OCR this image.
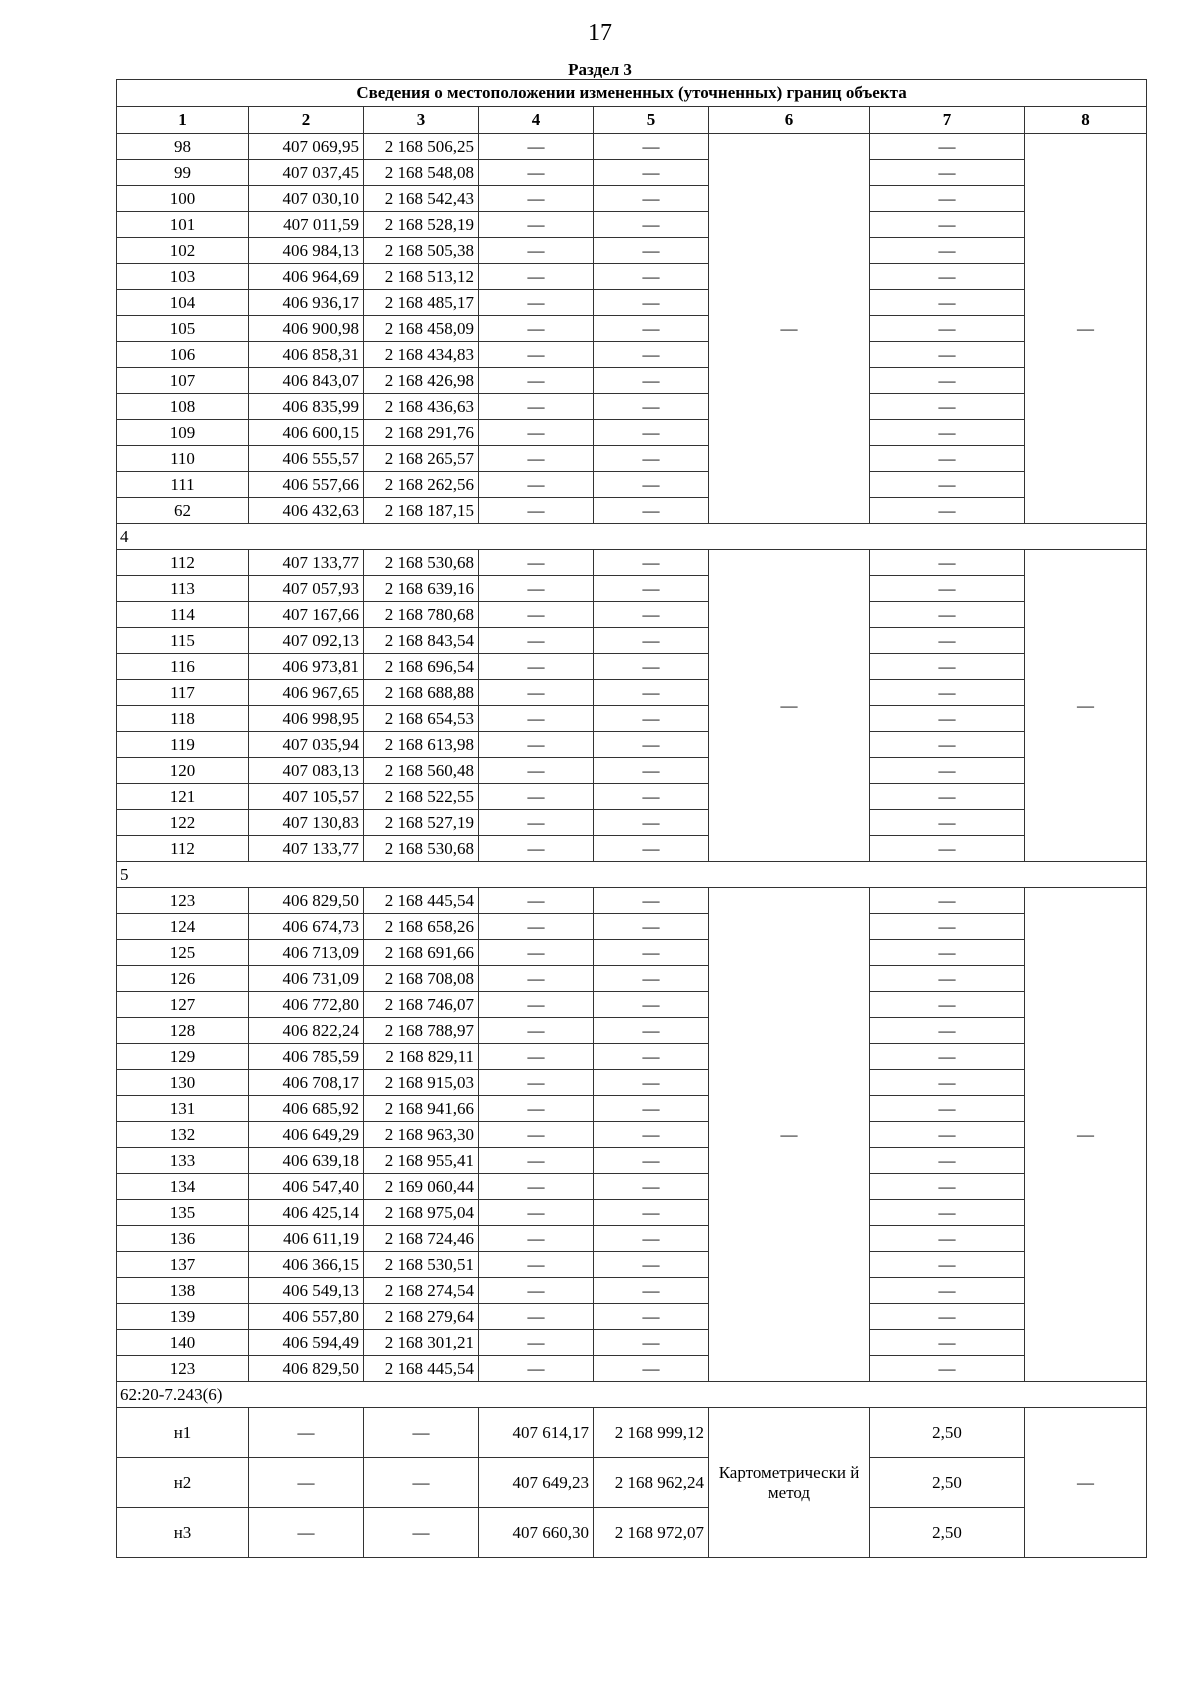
17
Раздел 3
Сведения о местоположении измененных (уточненных) границ объекта							
1	2	3	4	5	6	7	8
98	407 069,95	2 168 506,25	—	—	—	—	—
99	407 037,45	2 168 548,08	—	—		—	
100	407 030,10	2 168 542,43	—	—		—	
101	407 011,59	2 168 528,19	—	—		—	
102	406 984,13	2 168 505,38	—	—		—	
103	406 964,69	2 168 513,12	—	—		—	
104	406 936,17	2 168 485,17	—	—		—	
105	406 900,98	2 168 458,09	—	—		—	
106	406 858,31	2 168 434,83	—	—		—	
107	406 843,07	2 168 426,98	—	—		—	
108	406 835,99	2 168 436,63	—	—		—	
109	406 600,15	2 168 291,76	—	—		—	
110	406 555,57	2 168 265,57	—	—		—	
111	406 557,66	2 168 262,56	—	—		—	
62	406 432,63	2 168 187,15	—	—		—	
4							
112	407 133,77	2 168 530,68	—	—	—	—	—
113	407 057,93	2 168 639,16	—	—		—	
114	407 167,66	2 168 780,68	—	—		—	
115	407 092,13	2 168 843,54	—	—		—	
116	406 973,81	2 168 696,54	—	—		—	
117	406 967,65	2 168 688,88	—	—		—	
118	406 998,95	2 168 654,53	—	—		—	
119	407 035,94	2 168 613,98	—	—		—	
120	407 083,13	2 168 560,48	—	—		—	
121	407 105,57	2 168 522,55	—	—		—	
122	407 130,83	2 168 527,19	—	—		—	
112	407 133,77	2 168 530,68	—	—		—	
5							
123	406 829,50	2 168 445,54	—	—	—	—	—
124	406 674,73	2 168 658,26	—	—		—	
125	406 713,09	2 168 691,66	—	—		—	
126	406 731,09	2 168 708,08	—	—		—	
127	406 772,80	2 168 746,07	—	—		—	
128	406 822,24	2 168 788,97	—	—		—	
129	406 785,59	2 168 829,11	—	—		—	
130	406 708,17	2 168 915,03	—	—		—	
131	406 685,92	2 168 941,66	—	—		—	
132	406 649,29	2 168 963,30	—	—		—	
133	406 639,18	2 168 955,41	—	—		—	
134	406 547,40	2 169 060,44	—	—		—	
135	406 425,14	2 168 975,04	—	—		—	
136	406 611,19	2 168 724,46	—	—		—	
137	406 366,15	2 168 530,51	—	—		—	
138	406 549,13	2 168 274,54	—	—		—	
139	406 557,80	2 168 279,64	—	—		—	
140	406 594,49	2 168 301,21	—	—		—	
123	406 829,50	2 168 445,54	—	—		—	
62:20-7.243(6)							
н1	—	—	407 614,17	2 168 999,12	Картометрически й метод	2,50	—
н2	—	—	407 649,23	2 168 962,24		2,50	
н3	—	—	407 660,30	2 168 972,07		2,50	
